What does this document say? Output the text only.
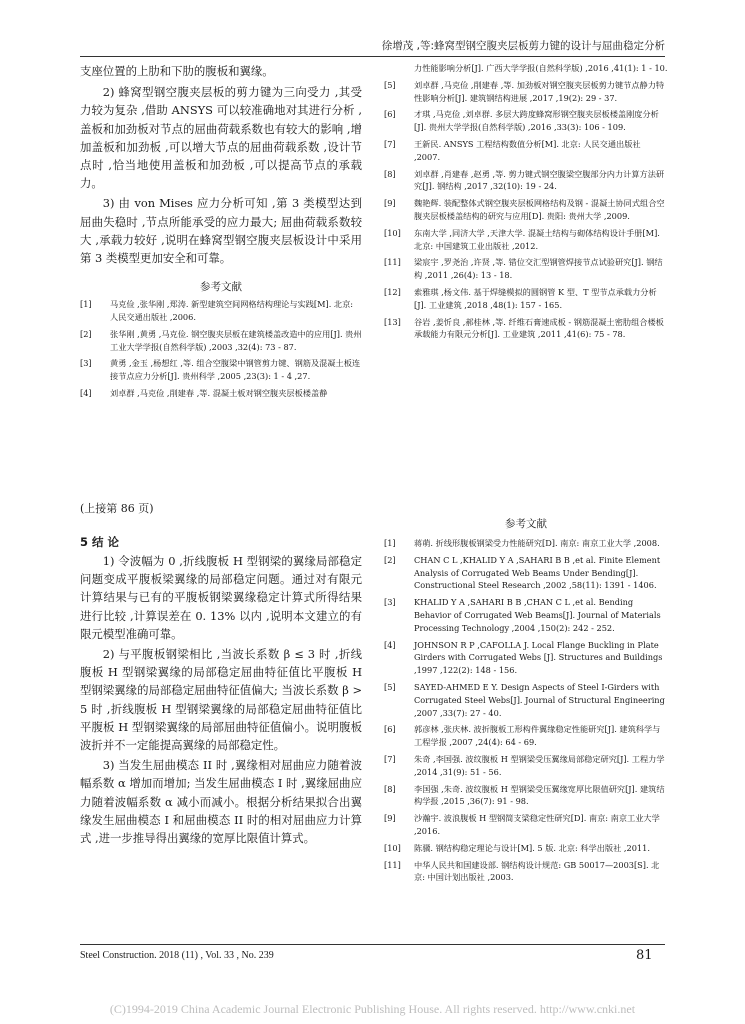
徐增茂 ,等:蜂窝型钢空腹夹层板剪力键的设计与屈曲稳定分析

支座位置的上肋和下肋的腹板和翼缘。

2) 蜂窝型钢空腹夹层板的剪力键为三向受力 ,其受力较为复杂 ,借助 ANSYS 可以较准确地对其进行分析 ,盖板和加劲板对节点的屈曲荷载系数也有较大的影响 ,增加盖板和加劲板 ,可以增大节点的屈曲荷载系数 ,设计节点时 ,恰当地使用盖板和加劲板 ,可以提高节点的承载力。

3) 由 von Mises 应力分析可知 ,第 3 类模型达到屈曲失稳时 ,节点所能承受的应力最大; 屈曲荷载系数较大 ,承载力较好 ,说明在蜂窝型钢空腹夹层板设计中采用第 3 类模型更加安全和可靠。

参考文献

[1]	马克俭 ,张华刚 ,郑涛. 新型建筑空间网格结构理论与实践[M]. 北京: 人民交通出版社 ,2006.
[2]	张华刚 ,黄勇 ,马克俭. 钢空腹夹层板在建筑楼盖改造中的应用[J]. 贵州工业大学学报(自然科学版) ,2003 ,32(4): 73 - 87.
[3]	黄勇 ,金玉 ,杨想红 ,等. 组合空腹梁中钢管剪力键、钢筋及混凝土板连接节点应力分析[J]. 贵州科学 ,2005 ,23(3): 1 - 4 ,27.
[4]	刘卓群 ,马克俭 ,削建春 ,等. 混凝土板对钢空腹夹层板楼盖静
力性能影响分析[J]. 广西大学学报(自然科学版) ,2016 ,41(1): 1 - 10.
[5]	刘卓群 ,马克俭 ,削建春 ,等. 加劲板对钢空腹夹层板剪力键节点静力特性影响分析[J]. 建筑钢结构进展 ,2017 ,19(2): 29 - 37.
[6]	才琪 ,马克俭 ,刘卓群. 多层大跨度蜂窝形钢空腹夹层板楼盖刚度分析[J]. 贵州大学学报(自然科学版) ,2016 ,33(3): 106 - 109.
[7]	王新民. ANSYS 工程结构数值分析[M]. 北京: 人民交通出版社 ,2007.
[8]	刘卓群 ,肖建春 ,赵勇 ,等. 剪力键式钢空腹梁空腹部分内力计算方法研究[J]. 钢结构 ,2017 ,32(10): 19 - 24.
[9]	魏艳辉. 装配整体式钢空腹夹层板网格结构及钢 - 混凝土协同式组合空腹夹层板楼盖结构的研究与应用[D]. 贵阳: 贵州大学 ,2009.
[10]	东南大学 ,同济大学 ,天津大学. 混凝土结构与砌体结构设计手册[M]. 北京: 中国建筑工业出版社 ,2012.
[11]	梁宸宇 ,罗尧治 ,许贤 ,等. 错位交汇型钢管焊接节点试验研究[J]. 钢结构 ,2011 ,26(4): 13 - 18.
[12]	索雅琪 ,杨文伟. 基于焊缝模拟的圆钢管 K 型、T 型节点承载力分析[J]. 工业建筑 ,2018 ,48(1): 157 - 165.
[13]	谷岩 ,姜忻良 ,郝桂林 ,等. 纤维石膏速成板 - 钢筋混凝土密肋组合楼板承载能力有限元分析[J]. 工业建筑 ,2011 ,41(6): 75 - 78.
(上接第 86 页)

5 结 论

1) 令波幅为 0 ,折线腹板 H 型钢梁的翼缘局部稳定问题变成平腹板梁翼缘的局部稳定问题。通过对有限元计算结果与已有的平腹板钢梁翼缘稳定计算式所得结果进行比较 ,计算误差在 0. 13% 以内 ,说明本文建立的有限元模型准确可靠。

2) 与平腹板钢梁相比 ,当波长系数 β ≤ 3 时 ,折线腹板 H 型钢梁翼缘的局部稳定屈曲特征值比平腹板 H 型钢梁翼缘的局部稳定屈曲特征值偏大; 当波长系数 β > 5 时 ,折线腹板 H 型钢梁翼缘的局部稳定屈曲特征值比平腹板 H 型钢梁翼缘的局部屈曲特征值偏小。说明腹板波折并不一定能提高翼缘的局部稳定性。

3) 当发生屈曲模态 II 时 ,翼缘相对屈曲应力随着波幅系数 α 增加而增加; 当发生屈曲模态 I 时 ,翼缘屈曲应力随着波幅系数 α 减小而减小。根据分析结果拟合出翼缘发生屈曲模态 I 和屈曲模态 II 时的相对屈曲应力计算式 ,进一步推导得出翼缘的宽厚比限值计算式。

参考文献

[1]	蒋萌. 折线形腹板钢梁受力性能研究[D]. 南京: 南京工业大学 ,2008.
[2]	CHAN C L ,KHALID Y A ,SAHARI B B ,et al. Finite Element Analysis of Corrugated Web Beams Under Bending[J]. Constructional Steel Research ,2002 ,58(11): 1391 - 1406.
[3]	KHALID Y A ,SAHARI B B ,CHAN C L ,et al. Bending Behavior of Corrugated Web Beams[J]. Journal of Materials Processing Technology ,2004 ,150(2): 242 - 252.
[4]	JOHNSON R P ,CAFOLLA J. Local Flange Buckling in Plate Girders with Corrugated Webs [J]. Structures and Buildings ,1997 ,122(2): 148 - 156.
[5]	SAYED-AHMED E Y. Design Aspects of Steel I-Girders with Corrugated Steel Webs[J]. Journal of Structural Engineering ,2007 ,33(7): 27 - 40.
[6]	郭彦林 ,张庆林. 波折腹板工形构件翼缘稳定性能研究[J]. 建筑科学与工程学报 ,2007 ,24(4): 64 - 69.
[7]	朱奇 ,李国强. 波纹腹板 H 型钢梁受压翼缘局部稳定研究[J]. 工程力学 ,2014 ,31(9): 51 - 56.
[8]	李国强 ,朱奇. 波纹腹板 H 型钢梁受压翼缘宽厚比限值研究[J]. 建筑结构学报 ,2015 ,36(7): 91 - 98.
[9]	沙瀚宇. 波浪腹板 H 型钢简支梁稳定性研究[D]. 南京: 南京工业大学 ,2016.
[10]	陈骥. 钢结构稳定理论与设计[M]. 5 版. 北京: 科学出版社 ,2011.
[11]	中华人民共和国建设部. 钢结构设计规范: GB 50017—2003[S]. 北京: 中国计划出版社 ,2003.
Steel Construction. 2018 (11) , Vol. 33 , No. 239	81
(C)1994-2019 China Academic Journal Electronic Publishing House. All rights reserved. http://www.cnki.net
